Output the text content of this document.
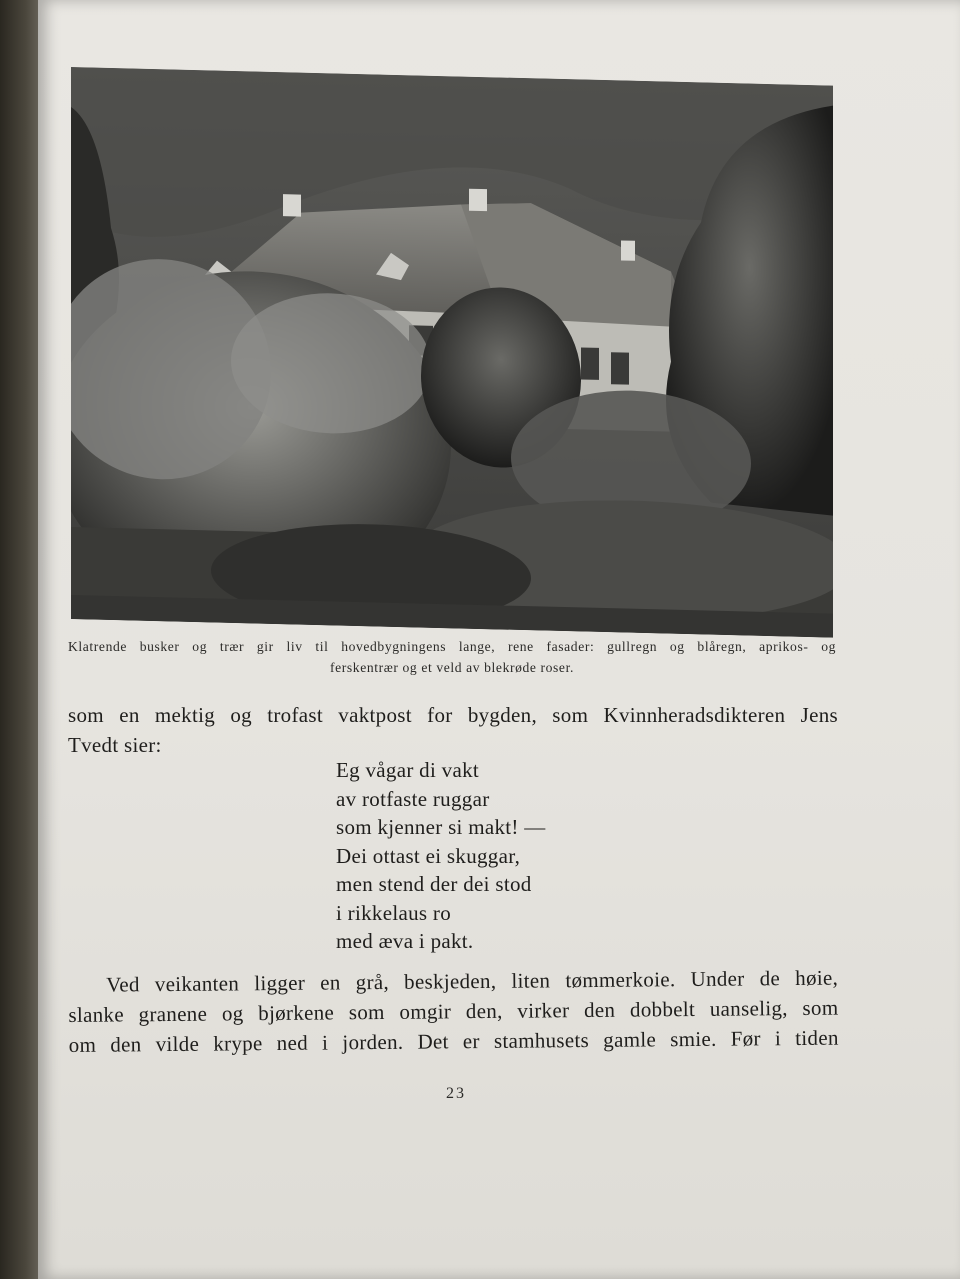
Klatrende busker og trær gir liv til hovedbygningens lange, rene fasader: gullregn og blåregn, aprikos- og
ferskentrær og et veld av blekrøde roser.
som en mektig og trofast vaktpost for bygden, som Kvinnheradsdikteren Jens
Tvedt sier:
Eg vågar di vakt
av rotfaste ruggar
som kjenner si makt! —
Dei ottast ei skuggar,
men stend der dei stod
i rikkelaus ro
med æva i pakt.
Ved veikanten ligger en grå, beskjeden, liten tømmerkoie. Under de høie,
slanke granene og bjørkene som omgir den, virker den dobbelt uanselig, som
om den vilde krype ned i jorden. Det er stamhusets gamle smie. Før i tiden
23
